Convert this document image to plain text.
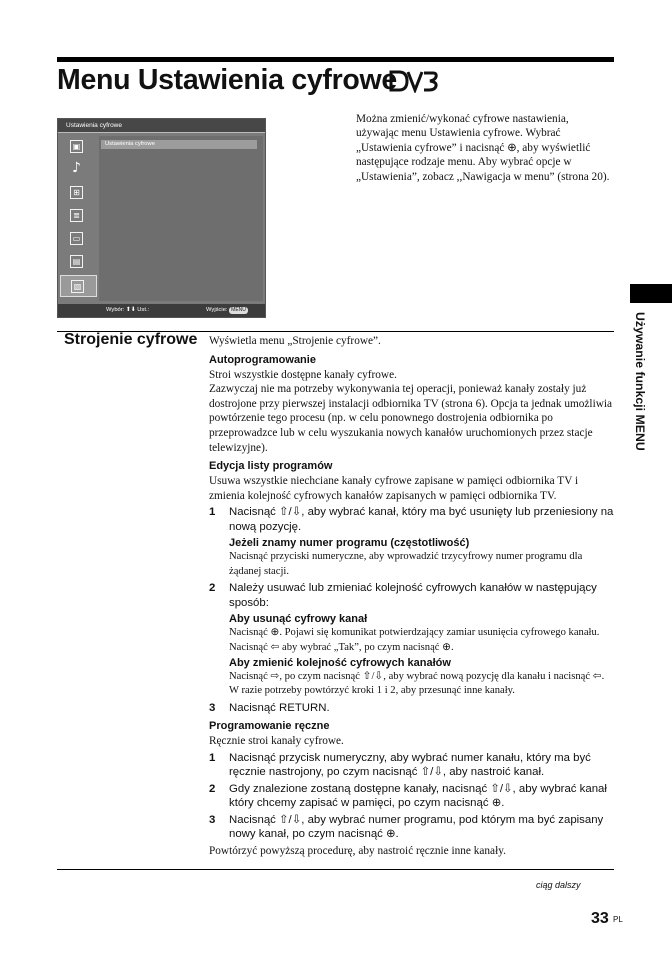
Menu Ustawienia cyfrowe
Ustawienia cyfrowe
▣
♪
⊞
≣
▭
▤
▧
Ustawienia cyfrowe
Wybór: ⬆⬇ Ust.:	Wyjście: MENU
Można zmienić/wykonać cyfrowe nastawienia, używając menu Ustawienia cyfrowe. Wybrać „Ustawienia cyfrowe” i nacisnąć ⊕, aby wyświetlić następujące rodzaje menu. Aby wybrać opcje w „Ustawienia”, zobacz ,,Nawigacja w menu” (strona 20).
Używanie funkcji MENU
Strojenie cyfrowe Wyświetla menu „Strojenie cyfrowe”.

Autoprogramowanie

Stroi wszystkie dostępne kanały cyfrowe.

Zazwyczaj nie ma potrzeby wykonywania tej operacji, ponieważ kanały zostały już dostrojone przy pierwszej instalacji odbiornika TV (strona 6). Opcja ta jednak umożliwia powtórzenie tego procesu (np. w celu ponownego dostrojenia odbiornika po przeprowadzce lub w celu wyszukania nowych kanałów uruchomionych przez stacje telewizyjne).

Edycja listy programów

Usuwa wszystkie niechciane kanały cyfrowe zapisane w pamięci odbiornika TV i zmienia kolejność cyfrowych kanałów zapisanych w pamięci odbiornika TV.

1 Nacisnąć ⇧/⇩, aby wybrać kanał, który ma być usunięty lub przeniesiony na nową pozycję.
Jeżeli znamy numer programu (częstotliwość)

Nacisnąć przyciski numeryczne, aby wprowadzić trzycyfrowy numer programu dla żądanej stacji.

2 Należy usuwać lub zmieniać kolejność cyfrowych kanałów w następujący sposób:
Aby usunąć cyfrowy kanał

Nacisnąć ⊕. Pojawi się komunikat potwierdzający zamiar usunięcia cyfrowego kanału. Nacisnąć ⇦ aby wybrać „Tak”, po czym nacisnąć ⊕.

Aby zmienić kolejność cyfrowych kanałów

Nacisnąć ⇨, po czym nacisnąć ⇧/⇩, aby wybrać nową pozycję dla kanału i nacisnąć ⇦. W razie potrzeby powtórzyć kroki 1 i 2, aby przesunąć inne kanały.

3 Nacisnąć RETURN.
Programowanie ręczne

Ręcznie stroi kanały cyfrowe.

1 Nacisnąć przycisk numeryczny, aby wybrać numer kanału, który ma być ręcznie nastrojony, po czym nacisnąć ⇧/⇩, aby nastroić kanał.
2 Gdy znalezione zostaną dostępne kanały, nacisnąć ⇧/⇩, aby wybrać kanał który chcemy zapisać w pamięci, po czym nacisnąć ⊕.
3 Nacisnąć ⇧/⇩, aby wybrać numer programu, pod którym ma być zapisany nowy kanał, po czym nacisnąć ⊕.

Powtórzyć powyższą procedurę, aby nastroić ręcznie inne kanały.

ciąg dalszy
33 PL
